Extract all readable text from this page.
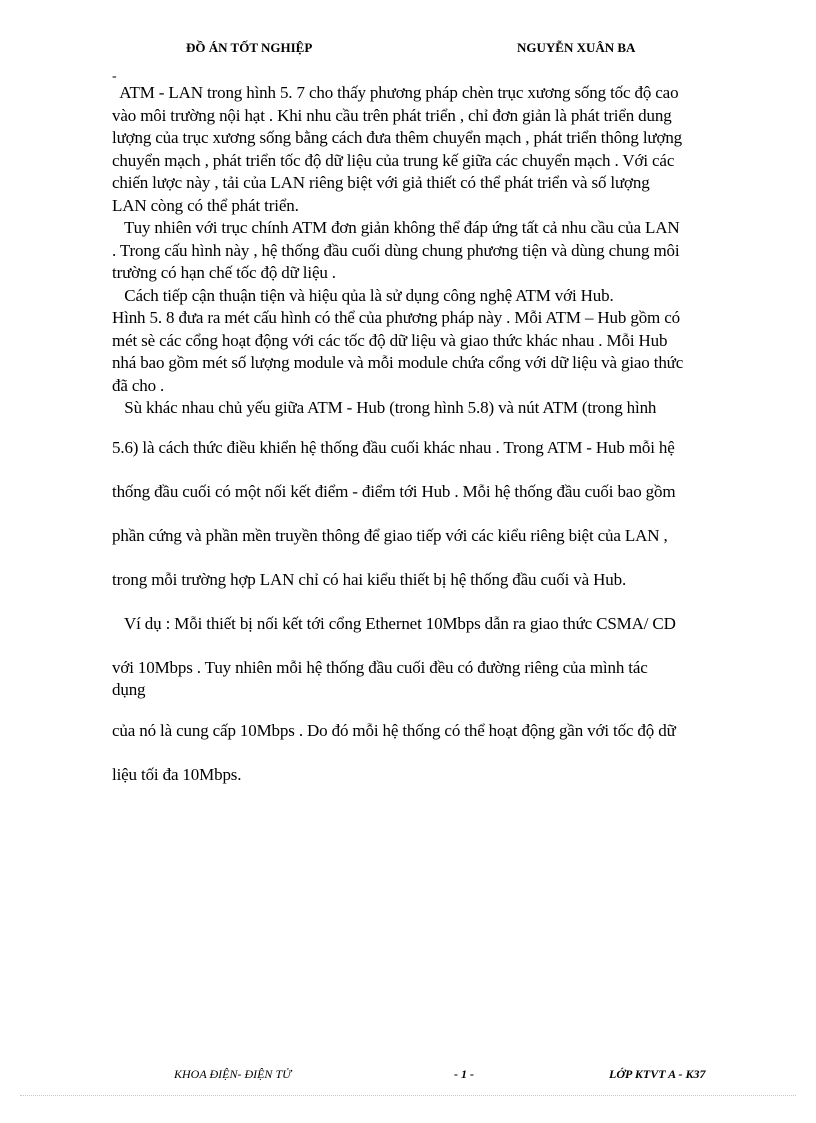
ĐỒ ÁN TỐT NGHIỆP	NGUYỄN XUÂN BA
-

ATM - LAN trong hình 5. 7 cho thấy phương pháp chèn trục xương sống tốc độ cao

vào môi trường nội hạt . Khi nhu cầu trên phát triển , chỉ đơn giản là phát triển dung

lượng của trục xương sống bằng cách đưa thêm chuyển mạch , phát triển thông lượng

chuyển mạch , phát triển tốc độ dữ liệu của trung kế giữa các chuyển mạch . Với các

chiến lược này , tải của LAN riêng biệt với giả thiết có thể phát triển và số lượng

LAN còng có thể phát triển.

Tuy nhiên với trục chính ATM đơn giản không thể đáp ứng tất cả nhu cầu của LAN

. Trong cấu hình này , hệ thống đầu cuối dùng chung phương tiện và dùng chung môi

trường có hạn chế tốc độ dữ liệu .

Cách tiếp cận thuận tiện và hiệu qủa là sử dụng công nghệ ATM với Hub.

Hình 5. 8 đưa ra mét cấu hình có thể của phương pháp này . Mỗi ATM – Hub gồm có

mét sè các cổng hoạt động với các tốc độ dữ liệu và giao thức khác nhau . Mỗi Hub

nhá bao gồm mét số lượng module và mỗi module chứa cổng với dữ liệu và giao thức

đã cho .

Sù khác nhau chủ yếu giữa ATM - Hub (trong hình 5.8) và nút ATM (trong hình

5.6) là cách thức điều khiển hệ thống đầu cuối khác nhau . Trong ATM - Hub mỗi hệ

thống đầu cuối có một nối kết điểm - điểm tới Hub . Mỗi hệ thống đầu cuối bao gồm

phần cứng và phần mền truyền thông để giao tiếp với các kiểu riêng biệt của LAN ,

trong mỗi trường hợp LAN chỉ có hai kiểu thiết bị hệ thống đầu cuối và Hub.

Ví dụ : Mỗi thiết bị nối kết tới cổng Ethernet 10Mbps dẫn ra giao thức CSMA/ CD

với 10Mbps . Tuy nhiên mỗi hệ thống đầu cuối đều có đường riêng của mình tác

dụng

của nó là cung cấp 10Mbps . Do đó mỗi hệ thống có thể hoạt động gần với tốc độ dữ

liệu tối đa 10Mbps.

KHOA ĐIỆN- ĐIỆN TỬ	- 1 -	LỚP KTVT A - K37
